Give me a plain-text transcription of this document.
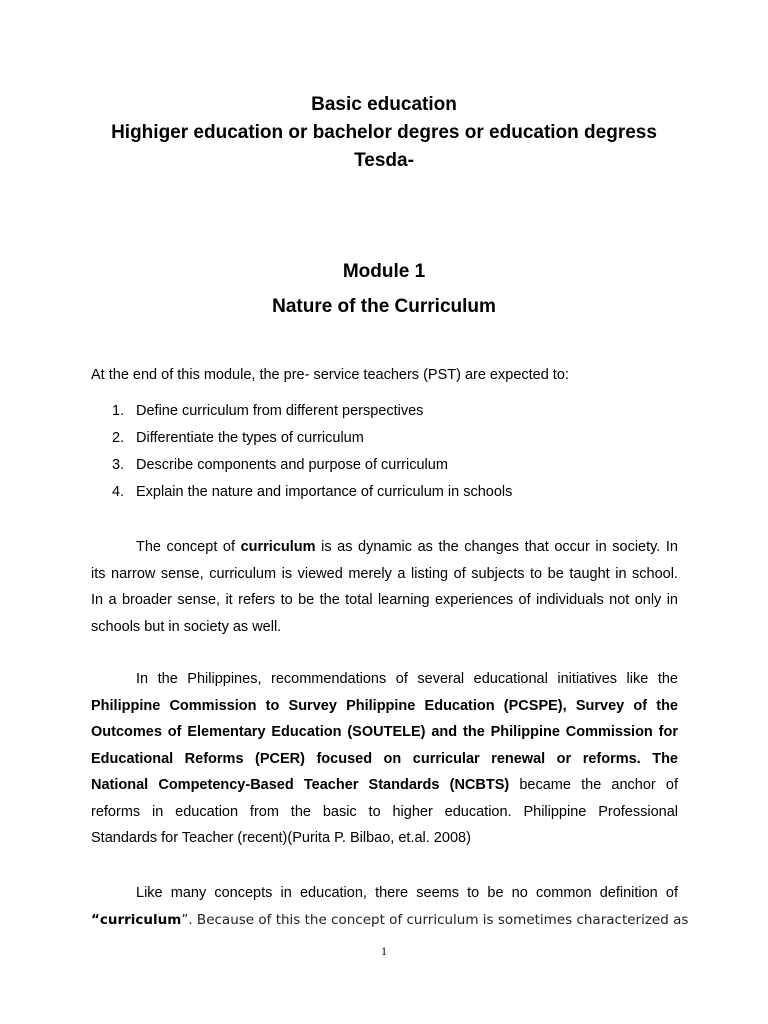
Basic education
Highiger education or bachelor degres or education degress
Tesda-
Module 1
Nature of the Curriculum
At the end of this module, the pre- service teachers (PST) are expected to:
1. Define curriculum from different perspectives
2. Differentiate the types of curriculum
3. Describe components and purpose of curriculum
4. Explain the nature and importance of curriculum in schools
The concept of curriculum is as dynamic as the changes that occur in society. In
its narrow sense, curriculum is viewed merely a listing of subjects to be taught in school.
In a broader sense, it refers to be the total learning experiences of individuals not only in
schools but in society as well.
In the Philippines, recommendations of several educational initiatives like the
Philippine Commission to Survey Philippine Education (PCSPE), Survey of the
Outcomes of Elementary Education (SOUTELE) and the Philippine Commission for
Educational Reforms (PCER) focused on curricular renewal or reforms. The
National Competency-Based Teacher Standards (NCBTS) became the anchor of
reforms in education from the basic to higher education. Philippine Professional
Standards for Teacher (recent)(Purita P. Bilbao, et.al. 2008)
Like many concepts in education, there seems to be no common definition of
“curriculum”. Because of this the concept of curriculum is sometimes characterized as
1
